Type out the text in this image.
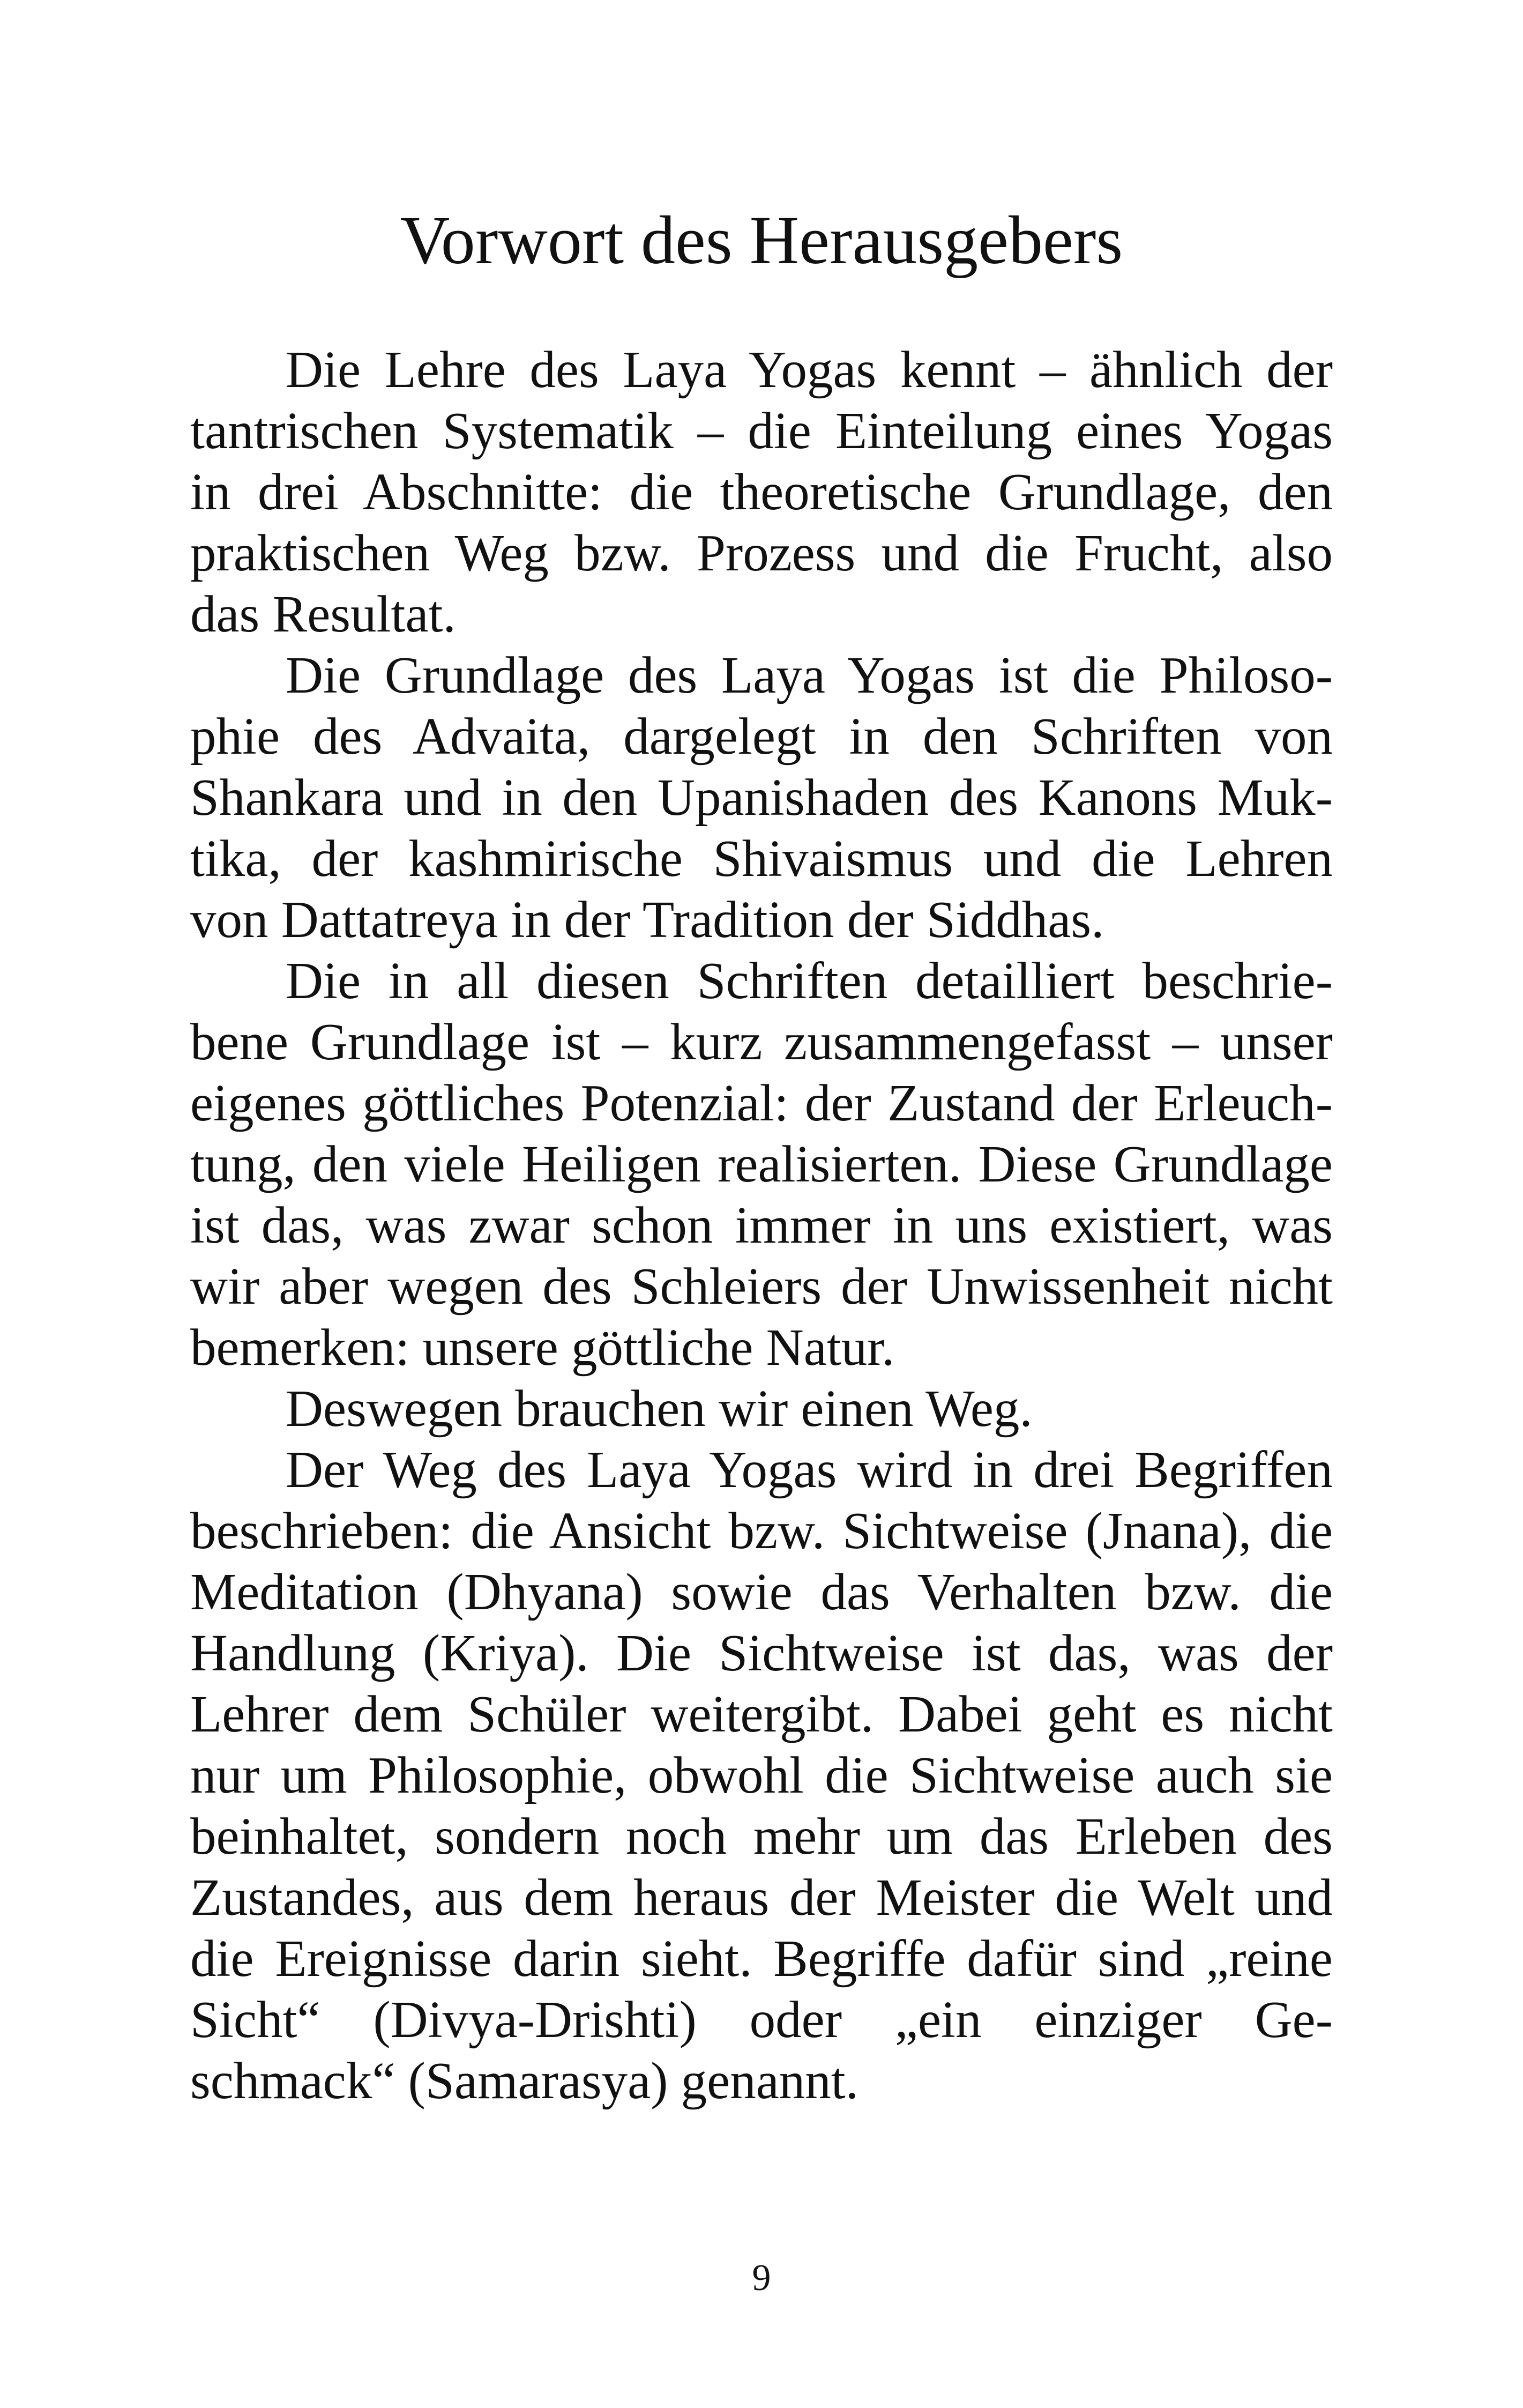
Vorwort des Herausgebers

Die Lehre des Laya Yogas kennt – ähnlich der
tantrischen Systematik – die Einteilung eines Yogas
in drei Abschnitte: die theoretische Grundlage, den
praktischen Weg bzw. Prozess und die Frucht, also
das Resultat.

Die Grundlage des Laya Yogas ist die Philoso-
phie des Advaita, dargelegt in den Schriften von
Shankara und in den Upanishaden des Kanons Muk-
tika, der kashmirische Shivaismus und die Lehren
von Dattatreya in der Tradition der Siddhas.

Die in all diesen Schriften detailliert beschrie-
bene Grundlage ist – kurz zusammengefasst – unser
eigenes göttliches Potenzial: der Zustand der Erleuch-
tung, den viele Heiligen realisierten. Diese Grundlage
ist das, was zwar schon immer in uns existiert, was
wir aber wegen des Schleiers der Unwissenheit nicht
bemerken: unsere göttliche Natur.

Deswegen brauchen wir einen Weg.

Der Weg des Laya Yogas wird in drei Begriffen
beschrieben: die Ansicht bzw. Sichtweise (Jnana), die
Meditation (Dhyana) sowie das Verhalten bzw. die
Handlung (Kriya). Die Sichtweise ist das, was der
Lehrer dem Schüler weitergibt. Dabei geht es nicht
nur um Philosophie, obwohl die Sichtweise auch sie
beinhaltet, sondern noch mehr um das Erleben des
Zustandes, aus dem heraus der Meister die Welt und
die Ereignisse darin sieht. Begriffe dafür sind „reine
Sicht“ (Divya-Drishti) oder „ein einziger Ge-
schmack“ (Samarasya) genannt.

9
